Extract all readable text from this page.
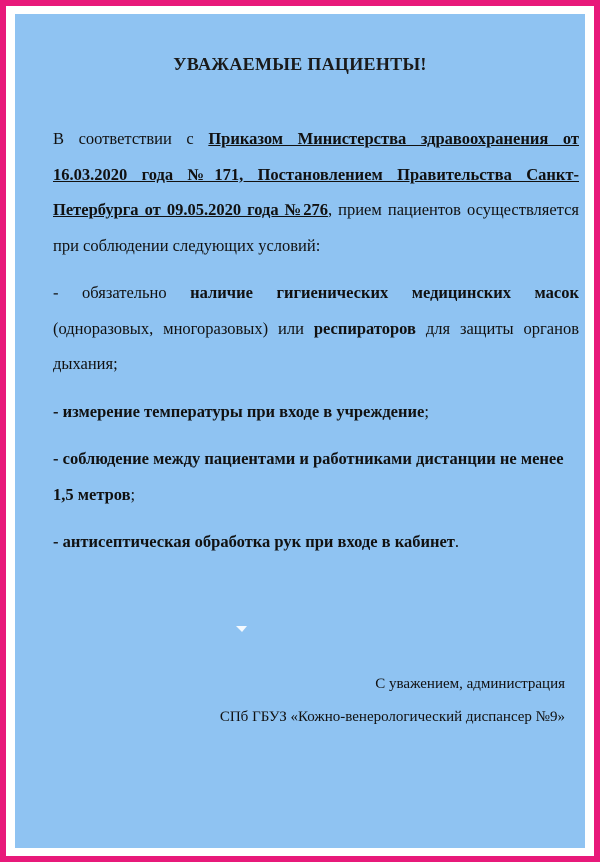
УВАЖАЕМЫЕ ПАЦИЕНТЫ!

В соответствии с Приказом Министерства здравоохранения от 16.03.2020 года №171, Постановлением Правительства Санкт-Петербурга от 09.05.2020 года №276, прием пациентов осуществляется при соблюдении следующих условий:

- обязательно наличие гигиенических медицинских масок (одноразовых, многоразовых) или респираторов для защиты органов дыхания;

- измерение температуры при входе в учреждение;

- соблюдение между пациентами и работниками дистанции не менее 1,5 метров;

- антисептическая обработка рук при входе в кабинет.

С уважением, администрация
СПб ГБУЗ «Кожно-венерологический диспансер №9»
